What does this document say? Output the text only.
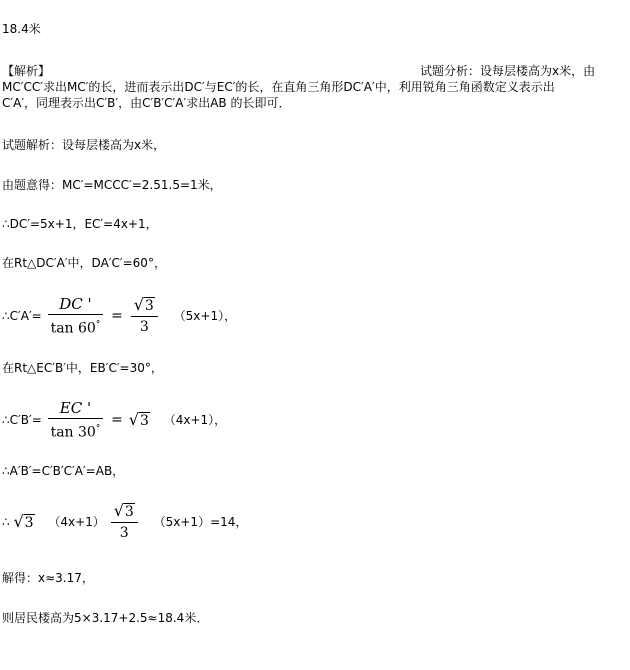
18.4米
【解析】	试题分析：设每层楼高为x米，由
MC′CC′求出MC′的长，进而表示出DC′与EC′的长，在直角三角形DC′A′中，利用锐角三角函数定义表示出
C′A′，同理表示出C′B′，由C′B′C′A′求出AB 的长即可．
试题解析：设每层楼高为x米，
由题意得：MC′=MCCC′=2.51.5=1米，
∴DC′=5x+1，EC′=4x+1，
在Rt△DC′A′中，DA′C′=60°，
∴C′A′= $\frac{DC '}{\tan 60^\circ} = \frac{√3}{3} (5x+1)$，
在Rt△EC′B′中，EB′C′=30°，
∴C′B′= $\frac{EC '}{\tan 30^\circ} = √3$ （4x+1），
∴A′B′=C′B′C′A′=AB，
∴ √3 $(4x+1) \frac{√3}{3} (5x+1)=14$，
解得：x≈3.17，
则居民楼高为5×3.17+2.5≈18.4米．
